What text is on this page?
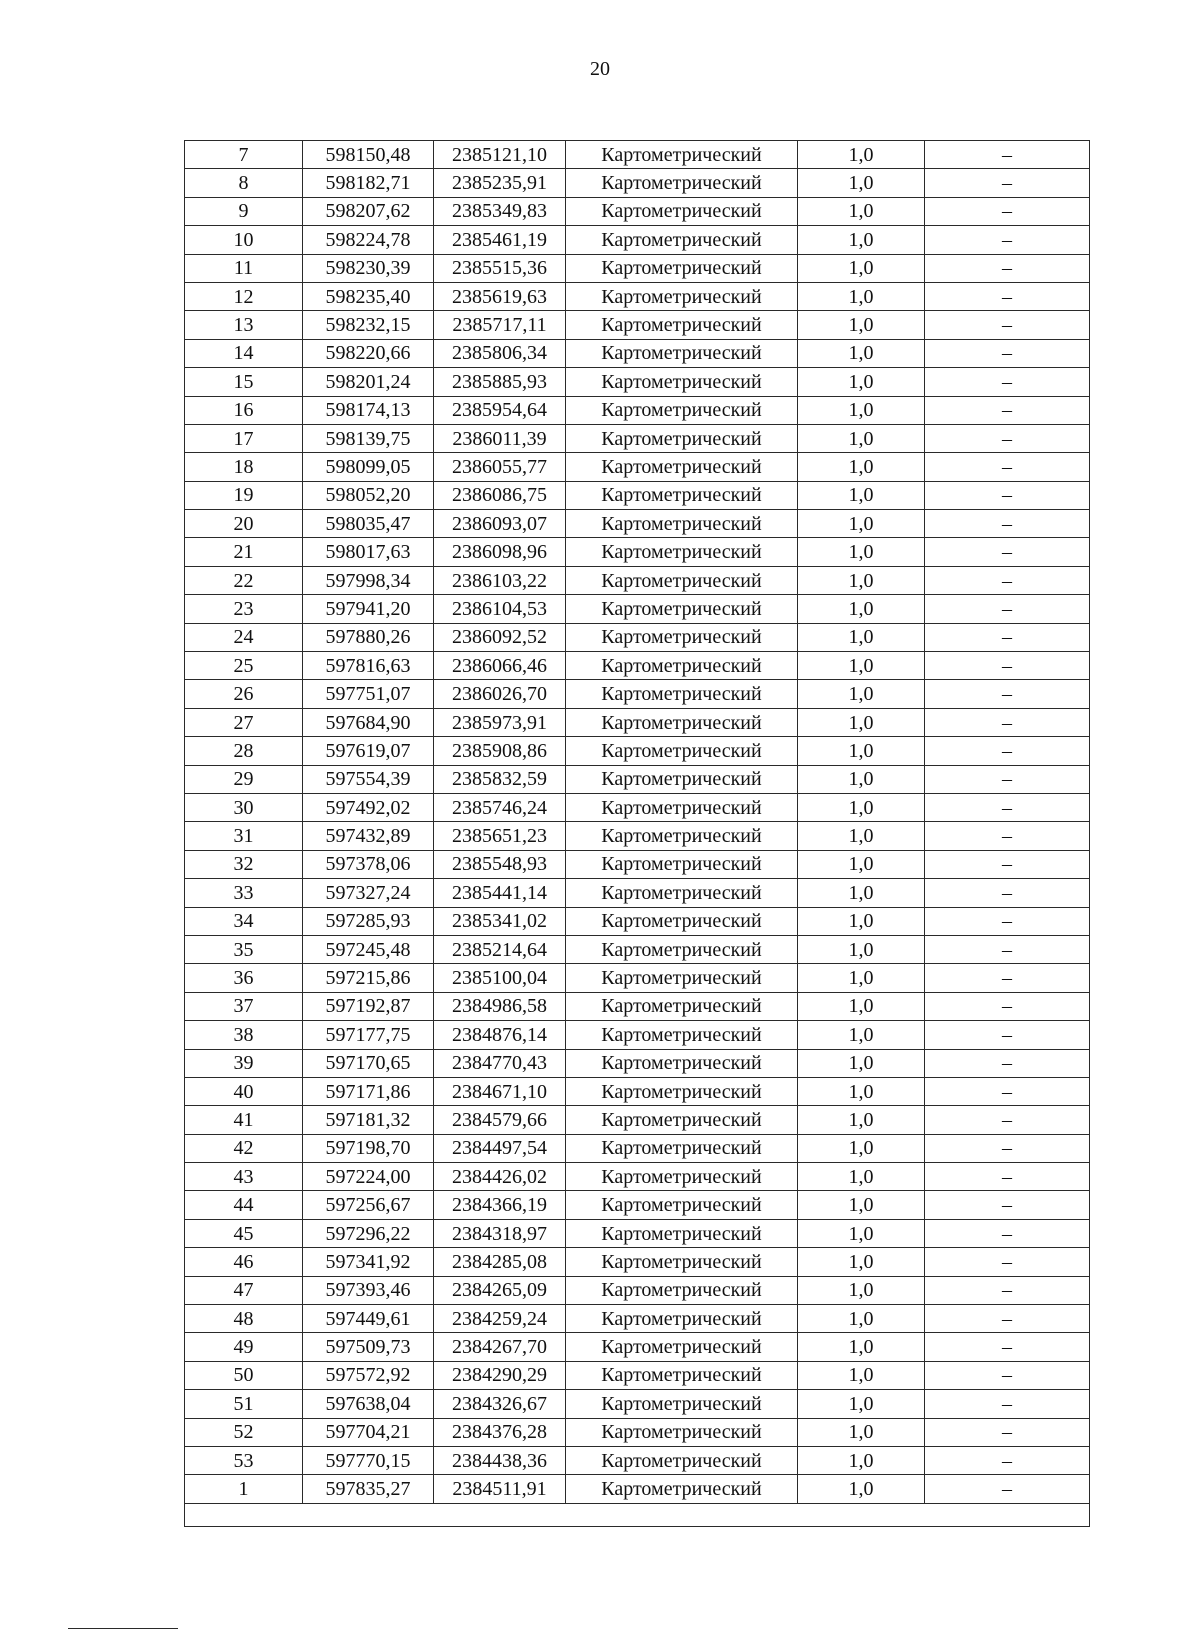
20
7	598150,48	2385121,10	Картометрический	1,0	–
8	598182,71	2385235,91	Картометрический	1,0	–
9	598207,62	2385349,83	Картометрический	1,0	–
10	598224,78	2385461,19	Картометрический	1,0	–
11	598230,39	2385515,36	Картометрический	1,0	–
12	598235,40	2385619,63	Картометрический	1,0	–
13	598232,15	2385717,11	Картометрический	1,0	–
14	598220,66	2385806,34	Картометрический	1,0	–
15	598201,24	2385885,93	Картометрический	1,0	–
16	598174,13	2385954,64	Картометрический	1,0	–
17	598139,75	2386011,39	Картометрический	1,0	–
18	598099,05	2386055,77	Картометрический	1,0	–
19	598052,20	2386086,75	Картометрический	1,0	–
20	598035,47	2386093,07	Картометрический	1,0	–
21	598017,63	2386098,96	Картометрический	1,0	–
22	597998,34	2386103,22	Картометрический	1,0	–
23	597941,20	2386104,53	Картометрический	1,0	–
24	597880,26	2386092,52	Картометрический	1,0	–
25	597816,63	2386066,46	Картометрический	1,0	–
26	597751,07	2386026,70	Картометрический	1,0	–
27	597684,90	2385973,91	Картометрический	1,0	–
28	597619,07	2385908,86	Картометрический	1,0	–
29	597554,39	2385832,59	Картометрический	1,0	–
30	597492,02	2385746,24	Картометрический	1,0	–
31	597432,89	2385651,23	Картометрический	1,0	–
32	597378,06	2385548,93	Картометрический	1,0	–
33	597327,24	2385441,14	Картометрический	1,0	–
34	597285,93	2385341,02	Картометрический	1,0	–
35	597245,48	2385214,64	Картометрический	1,0	–
36	597215,86	2385100,04	Картометрический	1,0	–
37	597192,87	2384986,58	Картометрический	1,0	–
38	597177,75	2384876,14	Картометрический	1,0	–
39	597170,65	2384770,43	Картометрический	1,0	–
40	597171,86	2384671,10	Картометрический	1,0	–
41	597181,32	2384579,66	Картометрический	1,0	–
42	597198,70	2384497,54	Картометрический	1,0	–
43	597224,00	2384426,02	Картометрический	1,0	–
44	597256,67	2384366,19	Картометрический	1,0	–
45	597296,22	2384318,97	Картометрический	1,0	–
46	597341,92	2384285,08	Картометрический	1,0	–
47	597393,46	2384265,09	Картометрический	1,0	–
48	597449,61	2384259,24	Картометрический	1,0	–
49	597509,73	2384267,70	Картометрический	1,0	–
50	597572,92	2384290,29	Картометрический	1,0	–
51	597638,04	2384326,67	Картометрический	1,0	–
52	597704,21	2384376,28	Картометрический	1,0	–
53	597770,15	2384438,36	Картометрический	1,0	–
1	597835,27	2384511,91	Картометрический	1,0	–
